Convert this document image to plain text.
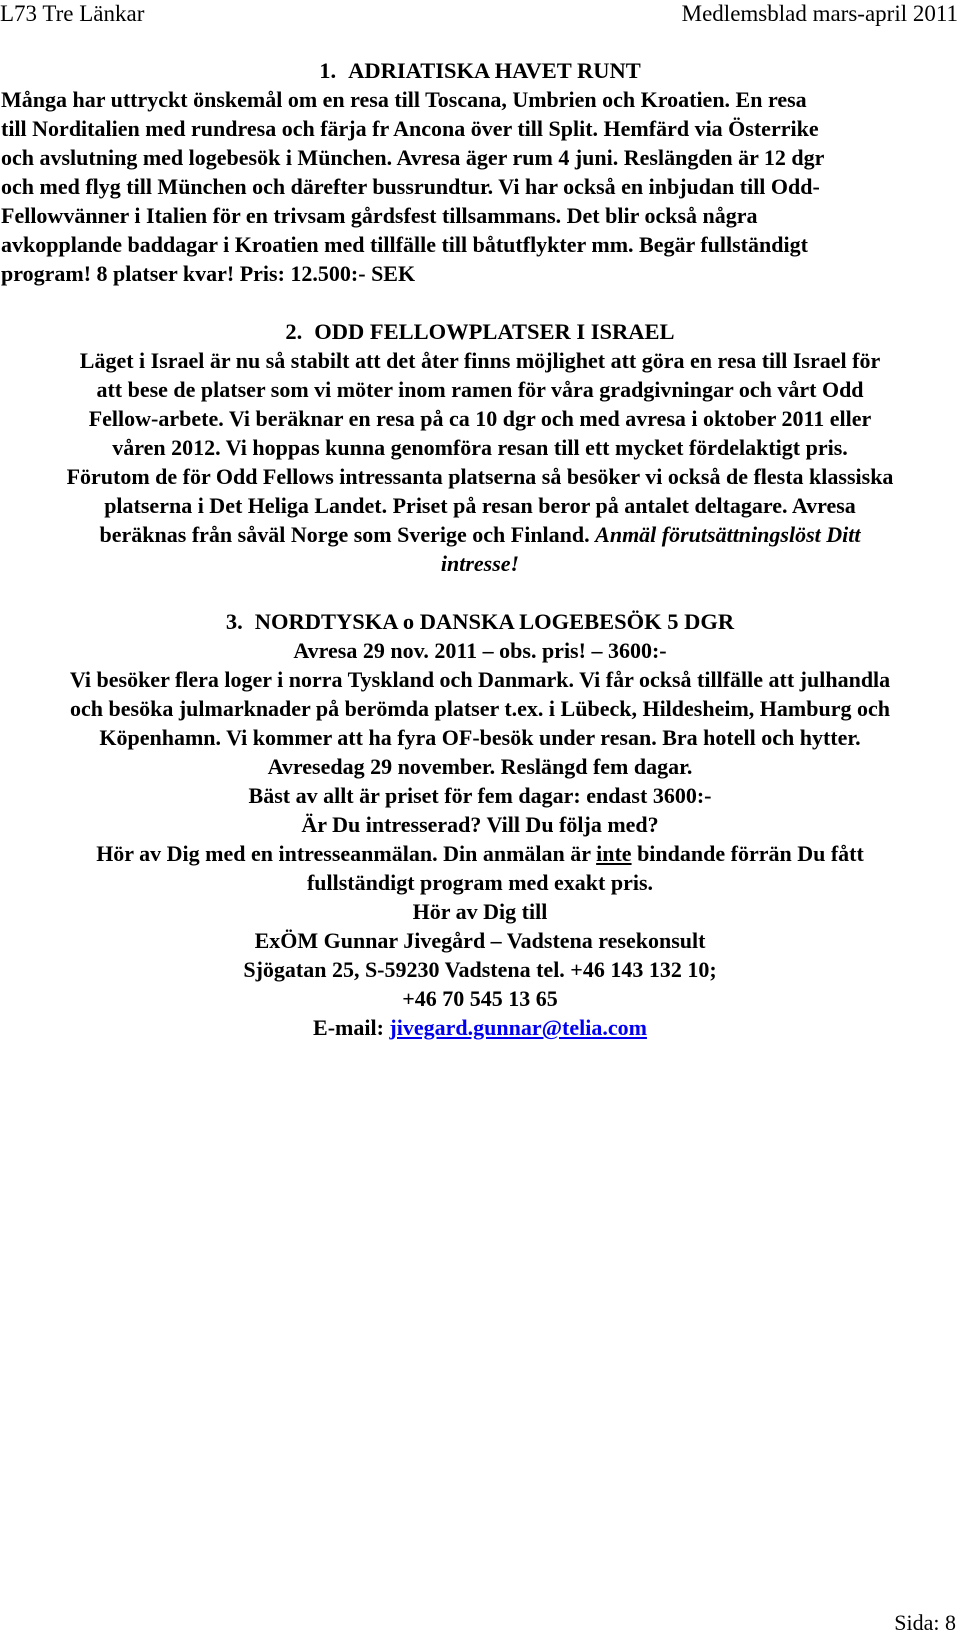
L73 Tre Länkar	Medlemsblad mars-april 2011
1. ADRIATISKA HAVET RUNT
Många har uttryckt önskemål om en resa till Toscana, Umbrien och Kroatien. En resa
till Norditalien med rundresa och färja fr Ancona över till Split. Hemfärd via Österrike
och avslutning med logebesök i München. Avresa äger rum 4 juni. Reslängden är 12 dgr
och med flyg till München och därefter bussrundtur. Vi har också en inbjudan till Odd-
Fellowvänner i Italien för en trivsam gårdsfest tillsammans. Det blir också några
avkopplande baddagar i Kroatien med tillfälle till båtutflykter mm. Begär fullständigt
program! 8 platser kvar! Pris: 12.500:- SEK
2. ODD FELLOWPLATSER I ISRAEL
Läget i Israel är nu så stabilt att det åter finns möjlighet att göra en resa till Israel för
att bese de platser som vi möter inom ramen för våra gradgivningar och vårt Odd
Fellow-arbete. Vi beräknar en resa på ca 10 dgr och med avresa i oktober 2011 eller
våren 2012. Vi hoppas kunna genomföra resan till ett mycket fördelaktigt pris.
Förutom de för Odd Fellows intressanta platserna så besöker vi också de flesta klassiska
platserna i Det Heliga Landet. Priset på resan beror på antalet deltagare. Avresa
beräknas från såväl Norge som Sverige och Finland. Anmäl förutsättningslöst Ditt
intresse!
3. NORDTYSKA o DANSKA LOGEBESÖK 5 DGR
Avresa 29 nov. 2011 – obs. pris! – 3600:-
Vi besöker flera loger i norra Tyskland och Danmark. Vi får också tillfälle att julhandla
och besöka julmarknader på berömda platser t.ex. i Lübeck, Hildesheim, Hamburg och
Köpenhamn. Vi kommer att ha fyra OF-besök under resan. Bra hotell och hytter.
Avresedag 29 november. Reslängd fem dagar.
Bäst av allt är priset för fem dagar: endast 3600:-
Är Du intresserad? Vill Du följa med?
Hör av Dig med en intresseanmälan. Din anmälan är inte bindande förrän Du fått
fullständigt program med exakt pris.
Hör av Dig till
ExÖM Gunnar Jivegård – Vadstena resekonsult
Sjögatan 25, S-59230 Vadstena tel. +46 143 132 10;
+46 70 545 13 65
E-mail: jivegard.gunnar@telia.com
Sida: 8
